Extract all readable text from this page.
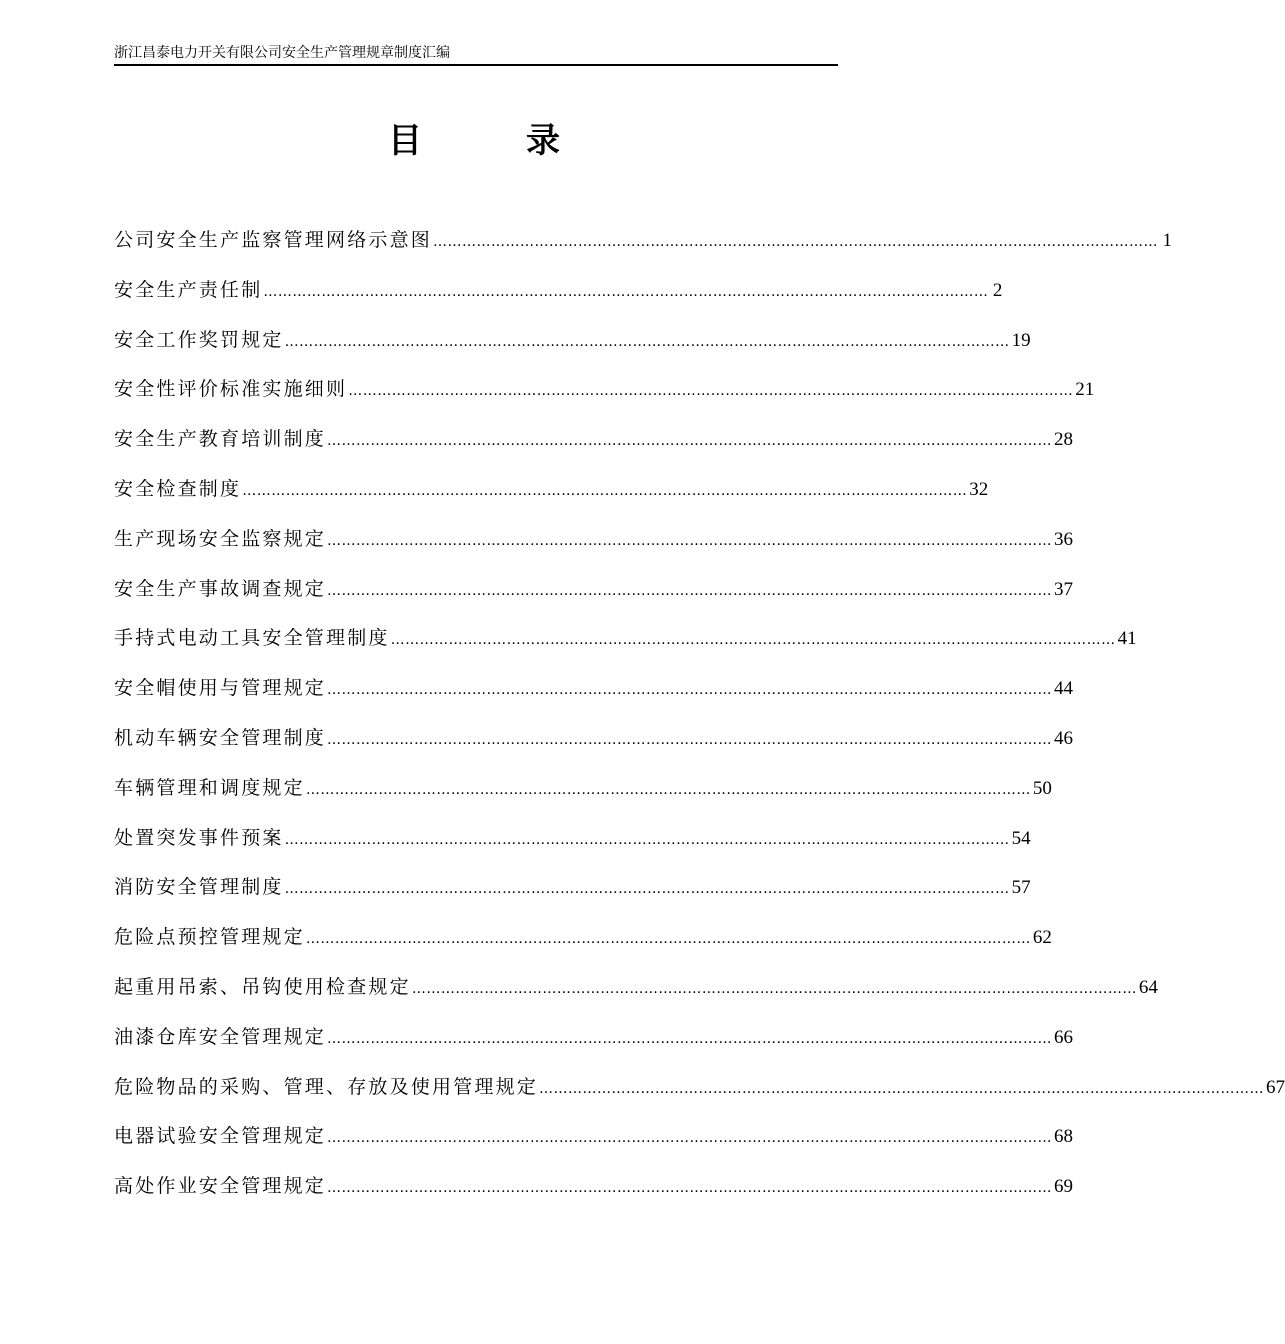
浙江昌泰电力开关有限公司安全生产管理规章制度汇编
目	录
公司安全生产监察管理网络示意图 …………………………………………………………………………………………………………………………………… 1
安全生产责任制 …………………………………………………………………………………………………………………………………… 2
安全工作奖罚规定 …………………………………………………………………………………………………………………………………… 19
安全性评价标准实施细则 …………………………………………………………………………………………………………………………………… 21
安全生产教育培训制度 …………………………………………………………………………………………………………………………………… 28
安全检查制度 …………………………………………………………………………………………………………………………………… 32
生产现场安全监察规定 …………………………………………………………………………………………………………………………………… 36
安全生产事故调查规定 …………………………………………………………………………………………………………………………………… 37
手持式电动工具安全管理制度 …………………………………………………………………………………………………………………………………… 41
安全帽使用与管理规定 …………………………………………………………………………………………………………………………………… 44
机动车辆安全管理制度 …………………………………………………………………………………………………………………………………… 46
车辆管理和调度规定 …………………………………………………………………………………………………………………………………… 50
处置突发事件预案 …………………………………………………………………………………………………………………………………… 54
消防安全管理制度 …………………………………………………………………………………………………………………………………… 57
危险点预控管理规定 …………………………………………………………………………………………………………………………………… 62
起重用吊索、吊钩使用检查规定 …………………………………………………………………………………………………………………………………… 64
油漆仓库安全管理规定 …………………………………………………………………………………………………………………………………… 66
危险物品的采购、管理、存放及使用管理规定 …………………………………………………………………………………………………………………………………… 67
电器试验安全管理规定 …………………………………………………………………………………………………………………………………… 68
高处作业安全管理规定 …………………………………………………………………………………………………………………………………… 69
